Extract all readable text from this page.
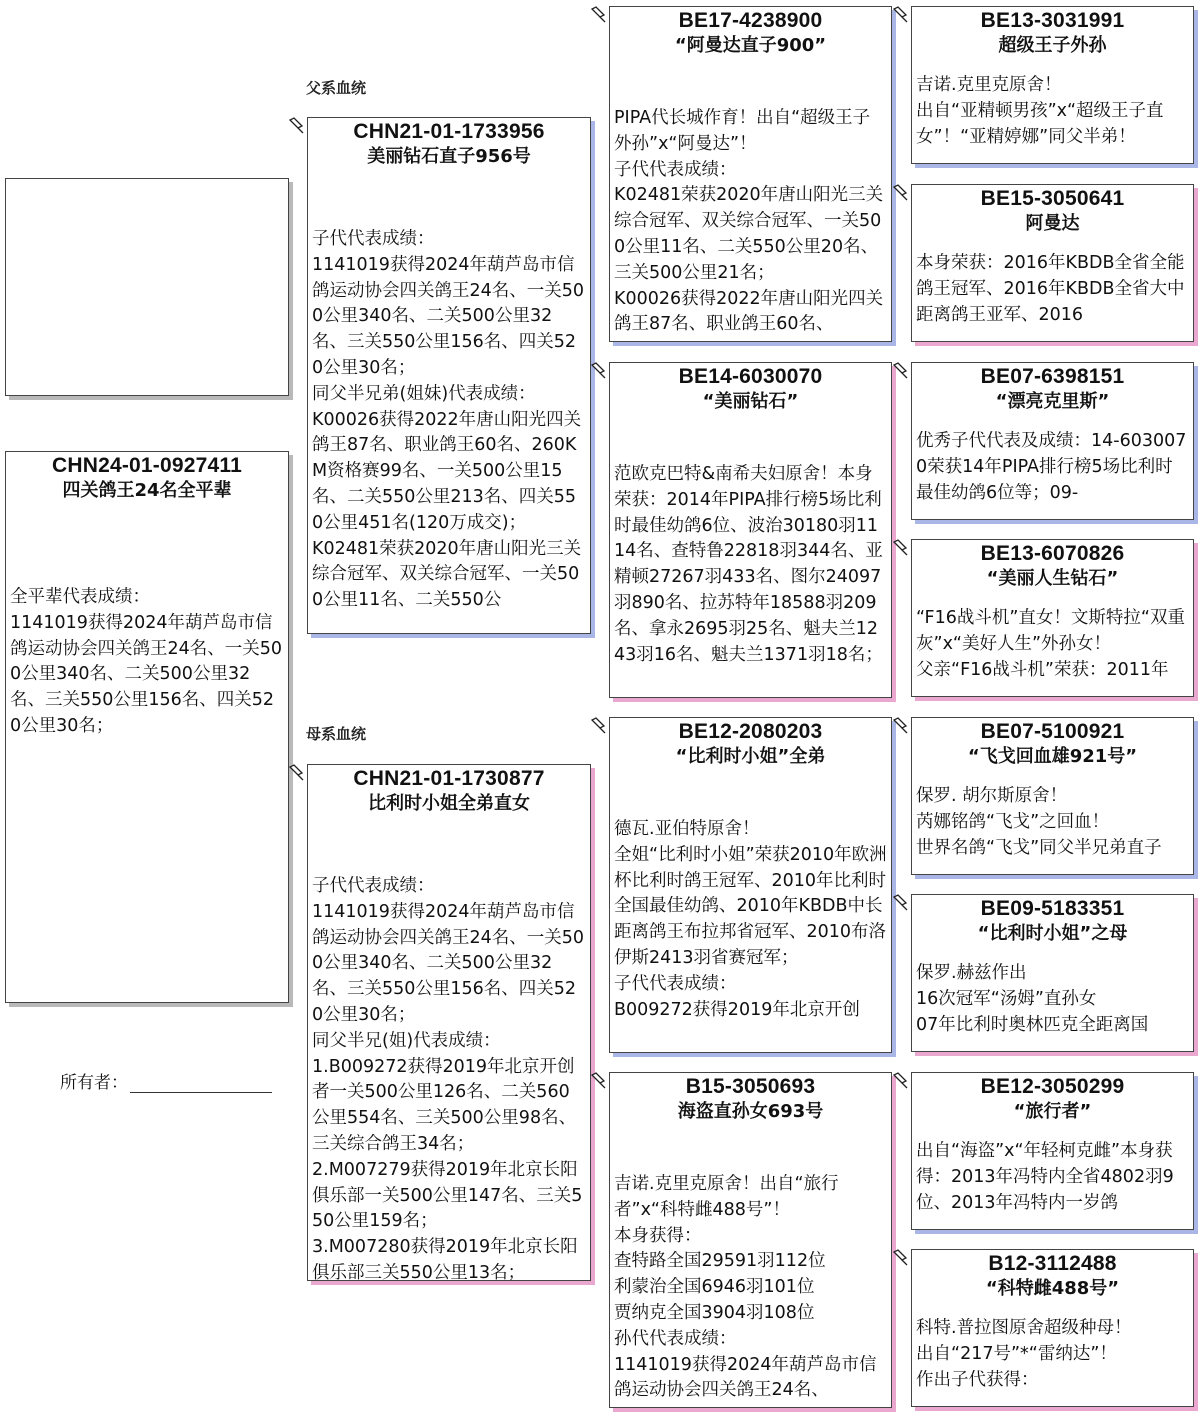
父系血统
母系血统
CHN24-01-0927411
四关鸽王24名全平辈
全平辈代表成绩：
1141019获得2024年葫芦岛市信鸽运动协会四关鸽王24名、一关500公里340名、二关500公里32名、三关550公里156名、四关520公里30名；
所有者：
CHN21-01-1733956
美丽钻石直子956号
子代代表成绩：
1141019获得2024年葫芦岛市信鸽运动协会四关鸽王24名、一关500公里340名、二关500公里32名、三关550公里156名、四关520公里30名；
同父半兄弟(姐妹)代表成绩：
K00026获得2022年唐山阳光四关鸽王87名、职业鸽王60名、260KM资格赛99名、一关500公里15名、二关550公里213名、四关550公里451名(120万成交)；
K02481荣获2020年唐山阳光三关综合冠军、双关综合冠军、一关500公里11名、二关550公
CHN21-01-1730877
比利时小姐全弟直女
子代代表成绩：
1141019获得2024年葫芦岛市信鸽运动协会四关鸽王24名、一关500公里340名、二关500公里32名、三关550公里156名、四关520公里30名；
同父半兄(姐)代表成绩：
1.B009272获得2019年北京开创者一关500公里126名、二关560公里554名、三关500公里98名、三关综合鸽王34名；
2.M007279获得2019年北京长阳俱乐部一关500公里147名、三关550公里159名；
3.M007280获得2019年北京长阳俱乐部三关550公里13名；
BE17-4238900
“阿曼达直子900”
PIPA代长城作育！出自“超级王子外孙”x“阿曼达”！
子代代表成绩：
K02481荣获2020年唐山阳光三关综合冠军、双关综合冠军、一关500公里11名、二关550公里20名、三关500公里21名；
K00026获得2022年唐山阳光四关鸽王87名、职业鸽王60名、
BE14-6030070
“美丽钻石”
范欧克巴特&南希夫妇原舍！本身荣获：2014年PIPA排行榜5场比利时最佳幼鸽6位、波治30180羽1114名、查特鲁22818羽344名、亚精顿27267羽433名、图尔24097羽890名、拉苏特年18588羽209名、拿永2695羽25名、魁夫兰1243羽16名、魁夫兰1371羽18名；
BE12-2080203
“比利时小姐”全弟
德瓦.亚伯特原舍！
全姐“比利时小姐”荣获2010年欧洲杯比利时鸽王冠军、2010年比利时全国最佳幼鸽、2010年KBDB中长距离鸽王布拉邦省冠军、2010布洛伊斯2413羽省赛冠军；
子代代表成绩：
B009272获得2019年北京开创
B15-3050693
海盗直孙女693号
吉诺.克里克原舍！出自“旅行者”x“科特雌488号”！
本身获得：
查特路全国29591羽112位
利蒙治全国6946羽101位
贾纳克全国3904羽108位
孙代代表成绩：
1141019获得2024年葫芦岛市信鸽运动协会四关鸽王24名、
BE13-3031991
超级王子外孙
吉诺.克里克原舍！
出自“亚精顿男孩”x“超级王子直女”！“亚精婷娜”同父半弟！
BE15-3050641
阿曼达
本身荣获：2016年KBDB全省全能鸽王冠军、2016年KBDB全省大中距离鸽王亚军、2016
BE07-6398151
“漂亮克里斯”
优秀子代代表及成绩：14-6030070荣获14年PIPA排行榜5场比利时最佳幼鸽6位等；09-
BE13-6070826
“美丽人生钻石”
“F16战斗机”直女！文斯特拉“双重灰”x“美好人生”外孙女！
父亲“F16战斗机”荣获：2011年
BE07-5100921
“飞戈回血雄921号”
保罗. 胡尔斯原舍！
芮娜铭鸽“飞戈”之回血！
世界名鸽“飞戈”同父半兄弟直子
BE09-5183351
“比利时小姐”之母
保罗.赫兹作出
16次冠军“汤姆”直孙女
07年比利时奥林匹克全距离国
BE12-3050299
“旅行者”
出自“海盗”x“年轻柯克雌”本身获得：2013年冯特内全省4802羽9位、2013年冯特内一岁鸽
B12-3112488
“科特雌488号”
科特.普拉图原舍超级种母！
出自“217号”*“雷纳达”！
作出子代获得：
